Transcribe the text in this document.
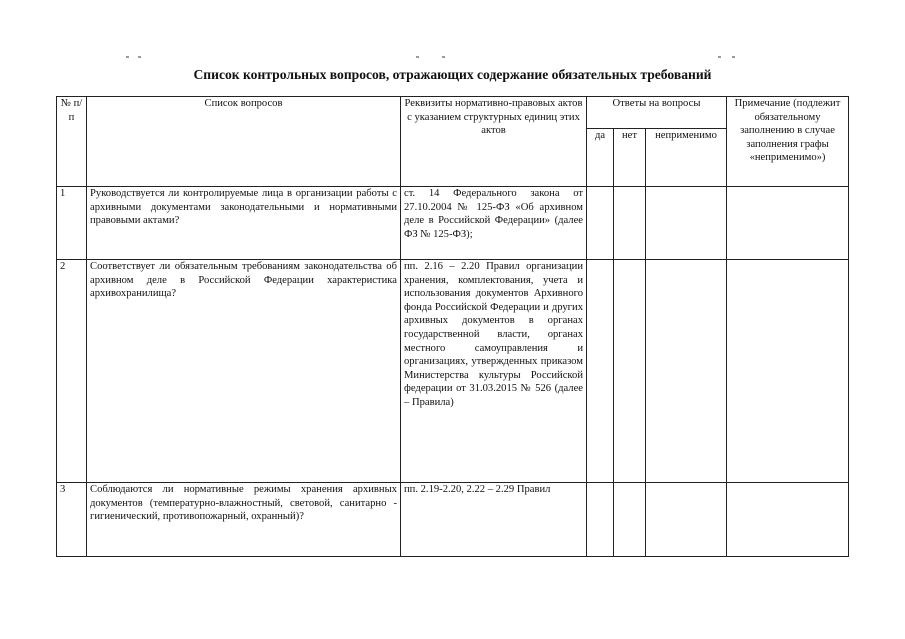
Список контрольных вопросов, отражающих содержание обязательных требований
№ п/п	Список вопросов	Реквизиты нормативно-правовых актов с указанием структурных единиц этих актов	Ответы на вопросы			Примечание (подлежит обязательному заполнению в случае заполнения графы «неприменимо»)
			да	нет	неприменимо	
1	Руководствуется ли контролируемые лица в организации работы с архивными документами законодательными и нормативными правовыми актами?	ст. 14 Федерального закона от 27.10.2004 № 125-ФЗ «Об архивном деле в Российской Федерации» (далее ФЗ № 125-ФЗ);				
2	Соответствует ли обязательным требованиям законодательства об архивном деле в Российской Федерации характеристика архивохранилища?	пп. 2.16 – 2.20 Правил организации хранения, комплектования, учета и использования документов Архивного фонда Российской Федерации и других архивных документов в органах государственной власти, органах местного самоуправления и организациях, утвержденных приказом Министерства культуры Российской федерации от 31.03.2015 № 526 (далее – Правила)				
3	Соблюдаются ли нормативные режимы хранения архивных документов (температурно-влажностный, световой, санитарно - гигиенический, противопожарный, охранный)?	пп. 2.19-2.20, 2.22 – 2.29 Правил				
